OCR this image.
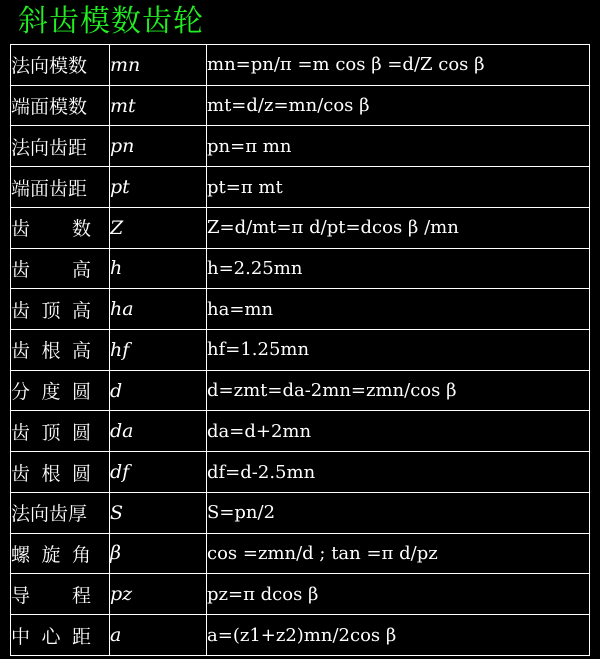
斜齿模数齿轮
法向模数	mn	mn=pn/π =m cos β =d/Z cos β
端面模数	mt	mt=d/z=mn/cos β
法向齿距	pn	pn=π mn
端面齿距	pt	pt=π mt

齿 数	Z	Z=d/mt=π d/pt=dcos β /mn

齿 高	h	h=2.25mn

齿 顶 高	ha	ha=mn

齿 根 高	hf	hf=1.25mn

分 度 圆	d	d=zmt=da-2mn=zmn/cos β

齿 顶 圆	da	da=d+2mn

齿 根 圆	df	df=d-2.5mn
法向齿厚	S	S=pn/2

螺 旋 角	β	cos =zmn/d ; tan =π d/pz

导 程	pz	pz=π dcos β

中 心 距	a	a=(z1+z2)mn/2cos β
